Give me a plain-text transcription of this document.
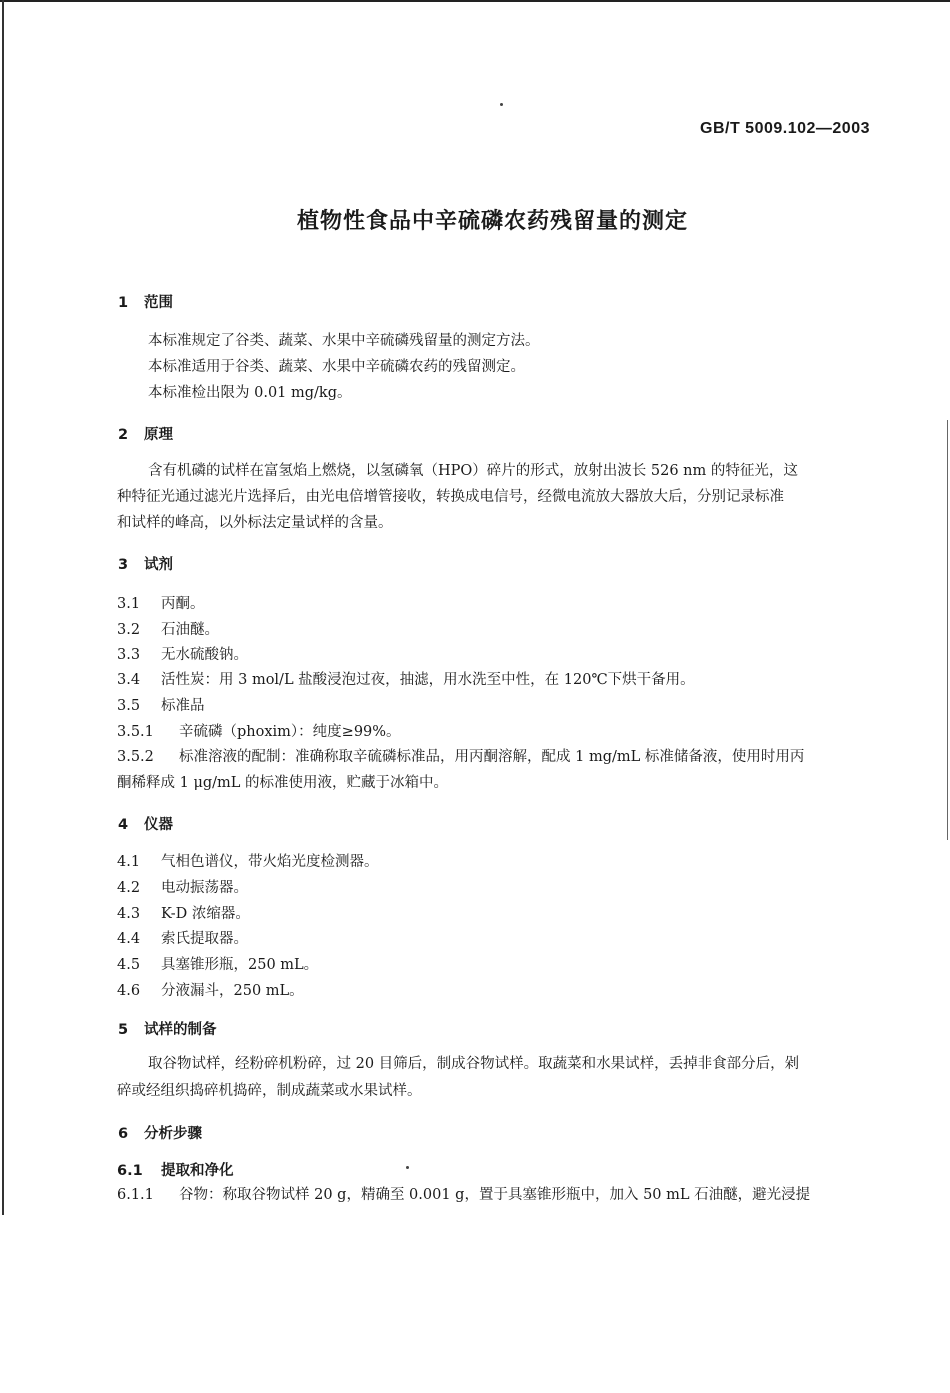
GB/T 5009.102—2003
植物性食品中辛硫磷农药残留量的测定
1 范围
本标准规定了谷类、蔬菜、水果中辛硫磷残留量的测定方法。
本标准适用于谷类、蔬菜、水果中辛硫磷农药的残留测定。
本标准检出限为 0.01 mg/kg。
2 原理
含有机磷的试样在富氢焰上燃烧，以氢磷氧（HPO）碎片的形式，放射出波长 526 nm 的特征光，这
种特征光通过滤光片选择后，由光电倍增管接收，转换成电信号，经微电流放大器放大后，分别记录标准
和试样的峰高，以外标法定量试样的含量。
3 试剂
3.1 丙酮。
3.2 石油醚。
3.3 无水硫酸钠。
3.4 活性炭：用 3 mol/L 盐酸浸泡过夜，抽滤，用水洗至中性，在 120℃下烘干备用。
3.5 标准品
3.5.1 辛硫磷（phoxim）：纯度≥99%。
3.5.2 标准溶液的配制：准确称取辛硫磷标准品，用丙酮溶解，配成 1 mg/mL 标准储备液，使用时用丙
酮稀释成 1 μg/mL 的标准使用液，贮藏于冰箱中。
4 仪器
4.1 气相色谱仪，带火焰光度检测器。
4.2 电动振荡器。
4.3 K-D 浓缩器。
4.4 索氏提取器。
4.5 具塞锥形瓶，250 mL。
4.6 分液漏斗，250 mL。
5 试样的制备
取谷物试样，经粉碎机粉碎，过 20 目筛后，制成谷物试样。取蔬菜和水果试样，丢掉非食部分后，剁
碎或经组织捣碎机捣碎，制成蔬菜或水果试样。
6 分析步骤
6.1 提取和净化
6.1.1 谷物：称取谷物试样 20 g，精确至 0.001 g，置于具塞锥形瓶中，加入 50 mL 石油醚，避光浸提
